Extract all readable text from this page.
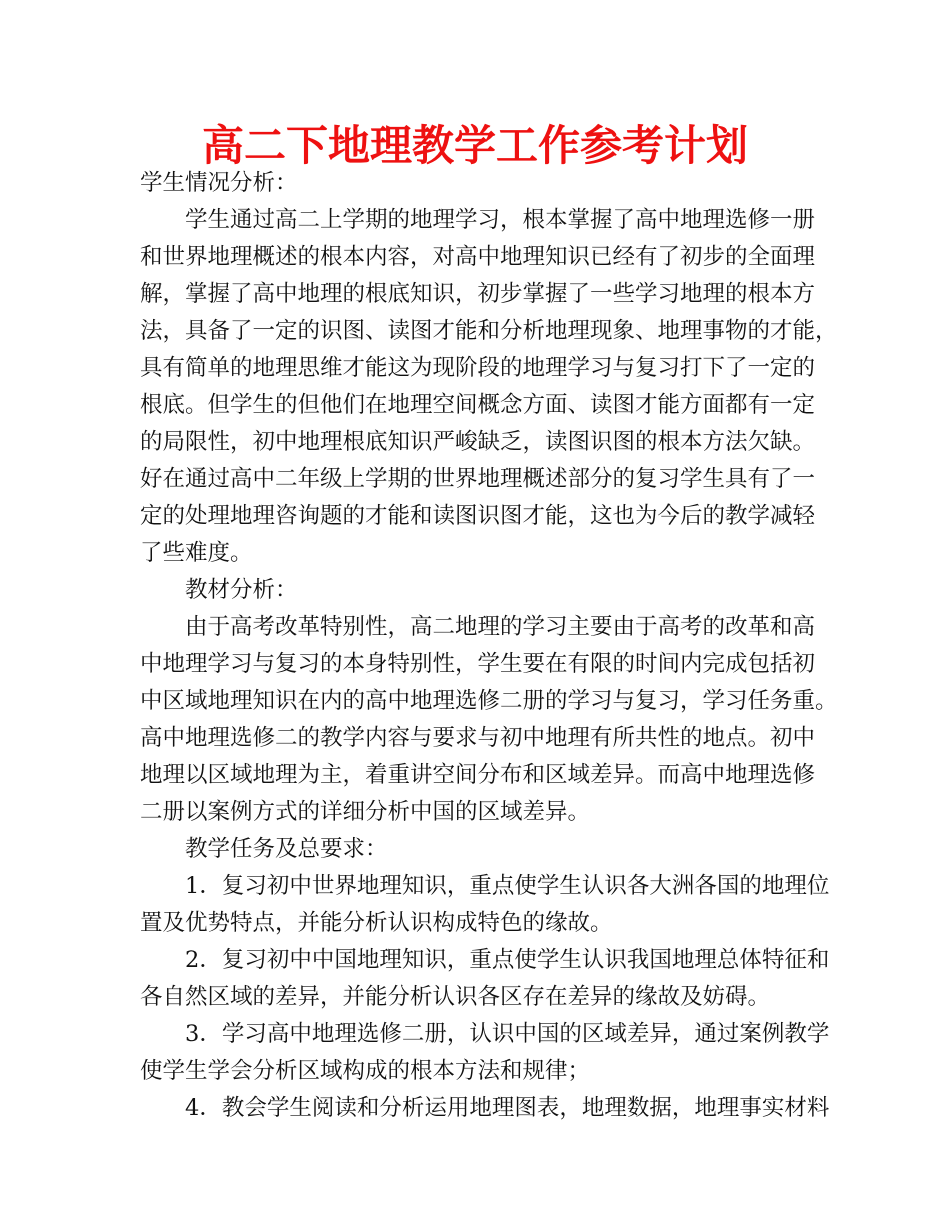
高二下地理教学工作参考计划
学生情况分析：
学生通过高二上学期的地理学习，根本掌握了高中地理选修一册
和世界地理概述的根本内容，对高中地理知识已经有了初步的全面理
解，掌握了高中地理的根底知识，初步掌握了一些学习地理的根本方
法，具备了一定的识图、读图才能和分析地理现象、地理事物的才能，
具有简单的地理思维才能这为现阶段的地理学习与复习打下了一定的
根底。但学生的但他们在地理空间概念方面、读图才能方面都有一定
的局限性，初中地理根底知识严峻缺乏，读图识图的根本方法欠缺。
好在通过高中二年级上学期的世界地理概述部分的复习学生具有了一
定的处理地理咨询题的才能和读图识图才能，这也为今后的教学减轻
了些难度。
教材分析：
由于高考改革特别性，高二地理的学习主要由于高考的改革和高
中地理学习与复习的本身特别性，学生要在有限的时间内完成包括初
中区域地理知识在内的高中地理选修二册的学习与复习，学习任务重。
高中地理选修二的教学内容与要求与初中地理有所共性的地点。初中
地理以区域地理为主，着重讲空间分布和区域差异。而高中地理选修
二册以案例方式的详细分析中国的区域差异。
教学任务及总要求：
1．复习初中世界地理知识，重点使学生认识各大洲各国的地理位
置及优势特点，并能分析认识构成特色的缘故。
2．复习初中中国地理知识，重点使学生认识我国地理总体特征和
各自然区域的差异，并能分析认识各区存在差异的缘故及妨碍。
3．学习高中地理选修二册，认识中国的区域差异，通过案例教学
使学生学会分析区域构成的根本方法和规律；
4．教会学生阅读和分析运用地理图表，地理数据，地理事实材料
